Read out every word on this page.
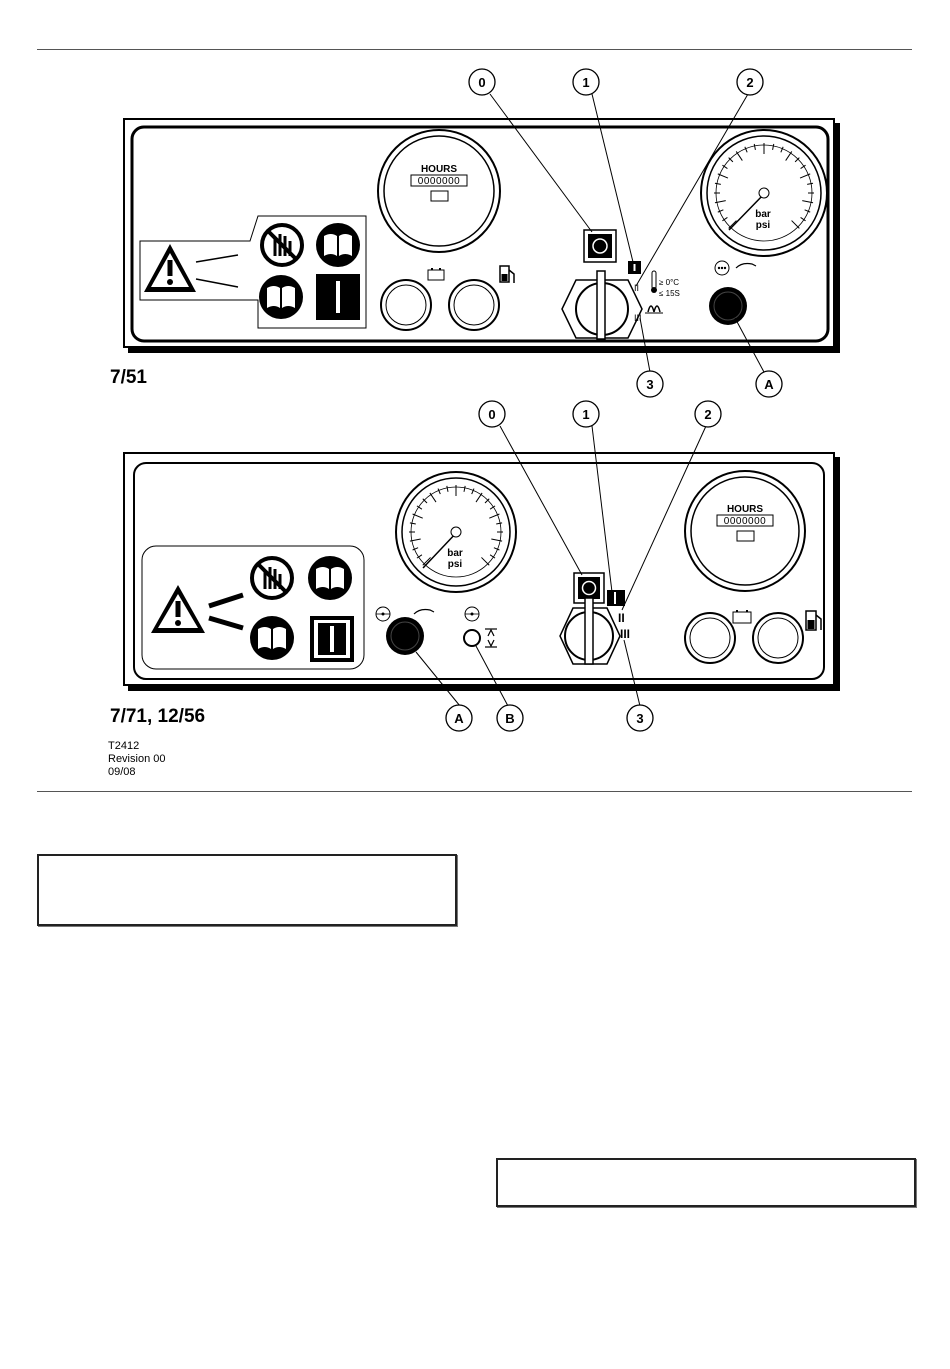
HOURS
0000000
II
III
≥ 0°C
≤ 15S
bar
psi
0	1	2
3	A
bar
psi
II
III
HOURS
0000000
0	1	2
A	B	3
7/51
7/71, 12/56
T2412
Revision 00
09/08
